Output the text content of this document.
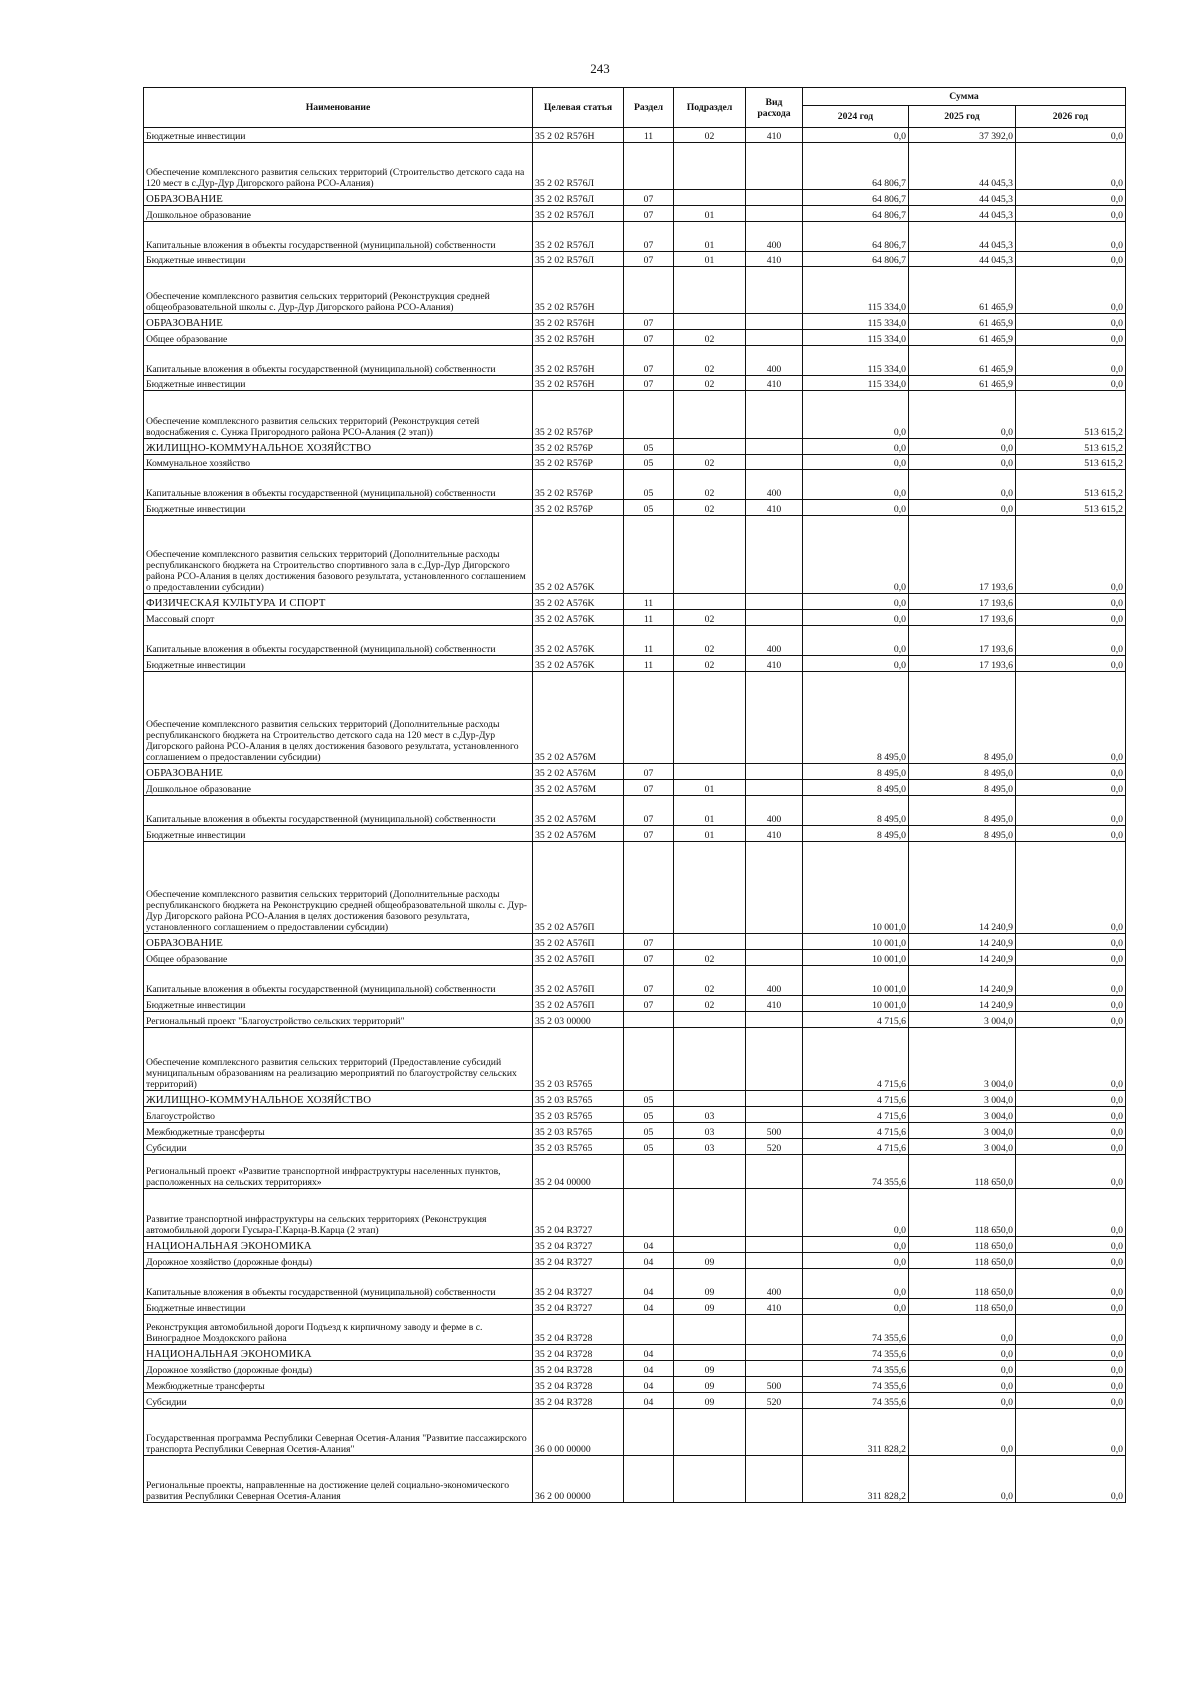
243
Наименование	Целевая статья	Раздел	Подраздел	Вид расхода	Сумма		
					2024 год	2025 год	2026 год
Бюджетные инвестиции	35 2 02 R576H	11	02	410	0,0	37 392,0	0,0
Обеспечение комплексного развития сельских территорий (Строительство детского сада на 120 мест в с.Дур-Дур Дигорского района РСО-Алания)	35 2 02 R576Л				64 806,7	44 045,3	0,0
ОБРАЗОВАНИЕ	35 2 02 R576Л	07			64 806,7	44 045,3	0,0
Дошкольное образование	35 2 02 R576Л	07	01		64 806,7	44 045,3	0,0
Капитальные вложения в объекты государственной (муниципальной) собственности	35 2 02 R576Л	07	01	400	64 806,7	44 045,3	0,0
Бюджетные инвестиции	35 2 02 R576Л	07	01	410	64 806,7	44 045,3	0,0
Обеспечение комплексного развития сельских территорий (Реконструкция средней общеобразовательной школы с. Дур-Дур Дигорского района РСО-Алания)	35 2 02 R576H				115 334,0	61 465,9	0,0
ОБРАЗОВАНИЕ	35 2 02 R576H	07			115 334,0	61 465,9	0,0
Общее образование	35 2 02 R576H	07	02		115 334,0	61 465,9	0,0
Капитальные вложения в объекты государственной (муниципальной) собственности	35 2 02 R576H	07	02	400	115 334,0	61 465,9	0,0
Бюджетные инвестиции	35 2 02 R576H	07	02	410	115 334,0	61 465,9	0,0
Обеспечение комплексного развития сельских территорий (Реконструкция сетей водоснабжения с. Сунжа Пригородного района РСО-Алания (2 этап))	35 2 02 R576P				0,0	0,0	513 615,2
ЖИЛИЩНО-КОММУНАЛЬНОЕ ХОЗЯЙСТВО	35 2 02 R576P	05			0,0	0,0	513 615,2
Коммунальное хозяйство	35 2 02 R576P	05	02		0,0	0,0	513 615,2
Капитальные вложения в объекты государственной (муниципальной) собственности	35 2 02 R576P	05	02	400	0,0	0,0	513 615,2
Бюджетные инвестиции	35 2 02 R576P	05	02	410	0,0	0,0	513 615,2
Обеспечение комплексного развития сельских территорий (Дополнительные расходы республиканского бюджета на Строительство спортивного зала в с.Дур-Дур Дигорского района РСО-Алания в целях достижения базового результата, установленного соглашением о предоставлении субсидии)	35 2 02 A576K				0,0	17 193,6	0,0
ФИЗИЧЕСКАЯ КУЛЬТУРА И СПОРТ	35 2 02 A576K	11			0,0	17 193,6	0,0
Массовый спорт	35 2 02 A576K	11	02		0,0	17 193,6	0,0
Капитальные вложения в объекты государственной (муниципальной) собственности	35 2 02 A576K	11	02	400	0,0	17 193,6	0,0
Бюджетные инвестиции	35 2 02 A576K	11	02	410	0,0	17 193,6	0,0
Обеспечение комплексного развития сельских территорий (Дополнительные расходы республиканского бюджета на Строительство детского сада на 120 мест в с.Дур-Дур Дигорского района РСО-Алания в целях достижения базового результата, установленного соглашением о предоставлении субсидии)	35 2 02 A576M				8 495,0	8 495,0	0,0
ОБРАЗОВАНИЕ	35 2 02 A576M	07			8 495,0	8 495,0	0,0
Дошкольное образование	35 2 02 A576M	07	01		8 495,0	8 495,0	0,0
Капитальные вложения в объекты государственной (муниципальной) собственности	35 2 02 A576M	07	01	400	8 495,0	8 495,0	0,0
Бюджетные инвестиции	35 2 02 A576M	07	01	410	8 495,0	8 495,0	0,0
Обеспечение комплексного развития сельских территорий (Дополнительные расходы республиканского бюджета на Реконструкцию средней общеобразовательной школы с. Дур-Дур Дигорского района РСО-Алания в целях достижения базового результата, установленного соглашением о предоставлении субсидии)	35 2 02 A576П				10 001,0	14 240,9	0,0
ОБРАЗОВАНИЕ	35 2 02 A576П	07			10 001,0	14 240,9	0,0
Общее образование	35 2 02 A576П	07	02		10 001,0	14 240,9	0,0
Капитальные вложения в объекты государственной (муниципальной) собственности	35 2 02 A576П	07	02	400	10 001,0	14 240,9	0,0
Бюджетные инвестиции	35 2 02 A576П	07	02	410	10 001,0	14 240,9	0,0
Региональный проект "Благоустройство сельских территорий"	35 2 03 00000				4 715,6	3 004,0	0,0
Обеспечение комплексного развития сельских территорий (Предоставление субсидий муниципальным образованиям на реализацию мероприятий по благоустройству сельских территорий)	35 2 03 R5765				4 715,6	3 004,0	0,0
ЖИЛИЩНО-КОММУНАЛЬНОЕ ХОЗЯЙСТВО	35 2 03 R5765	05			4 715,6	3 004,0	0,0
Благоустройство	35 2 03 R5765	05	03		4 715,6	3 004,0	0,0
Межбюджетные трансферты	35 2 03 R5765	05	03	500	4 715,6	3 004,0	0,0
Субсидии	35 2 03 R5765	05	03	520	4 715,6	3 004,0	0,0
Региональный проект «Развитие транспортной инфраструктуры населенных пунктов, расположенных на сельских территориях»	35 2 04 00000				74 355,6	118 650,0	0,0
Развитие транспортной инфраструктуры на сельских территориях (Реконструкция автомобильной дороги Гусыра-Г.Карца-В.Карца (2 этап)	35 2 04 R3727				0,0	118 650,0	0,0
НАЦИОНАЛЬНАЯ ЭКОНОМИКА	35 2 04 R3727	04			0,0	118 650,0	0,0
Дорожное хозяйство (дорожные фонды)	35 2 04 R3727	04	09		0,0	118 650,0	0,0
Капитальные вложения в объекты государственной (муниципальной) собственности	35 2 04 R3727	04	09	400	0,0	118 650,0	0,0
Бюджетные инвестиции	35 2 04 R3727	04	09	410	0,0	118 650,0	0,0
Реконструкция автомобильной дороги Подъезд к кирпичному заводу и ферме в с. Виноградное Моздокского района	35 2 04 R3728				74 355,6	0,0	0,0
НАЦИОНАЛЬНАЯ ЭКОНОМИКА	35 2 04 R3728	04			74 355,6	0,0	0,0
Дорожное хозяйство (дорожные фонды)	35 2 04 R3728	04	09		74 355,6	0,0	0,0
Межбюджетные трансферты	35 2 04 R3728	04	09	500	74 355,6	0,0	0,0
Субсидии	35 2 04 R3728	04	09	520	74 355,6	0,0	0,0
Государственная программа Республики Северная Осетия-Алания "Развитие пассажирского транспорта Республики Северная Осетия-Алания"	36 0 00 00000				311 828,2	0,0	0,0
Региональные проекты, направленные на достижение целей социально-экономического развития Республики Северная Осетия-Алания	36 2 00 00000				311 828,2	0,0	0,0
